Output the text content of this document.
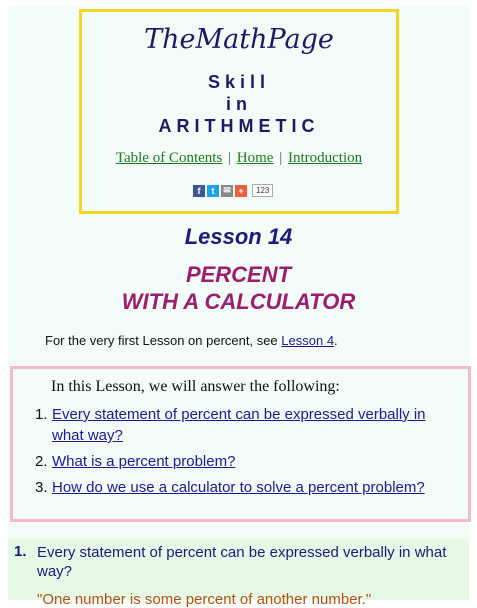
TheMathPage
Skill
in
ARITHMETIC
Table of Contents | Home | Introduction
f	t ✉ +	123
Lesson 14
PERCENT
WITH A CALCULATOR
For the very first Lesson on percent, see Lesson 4.
In this Lesson, we will answer the following:
1. Every statement of percent can be expressed verbally in what way?
2. What is a percent problem?
3. How do we use a calculator to solve a percent problem?
1. Every statement of percent can be expressed verbally in what way?
"One number is some percent of another number."
